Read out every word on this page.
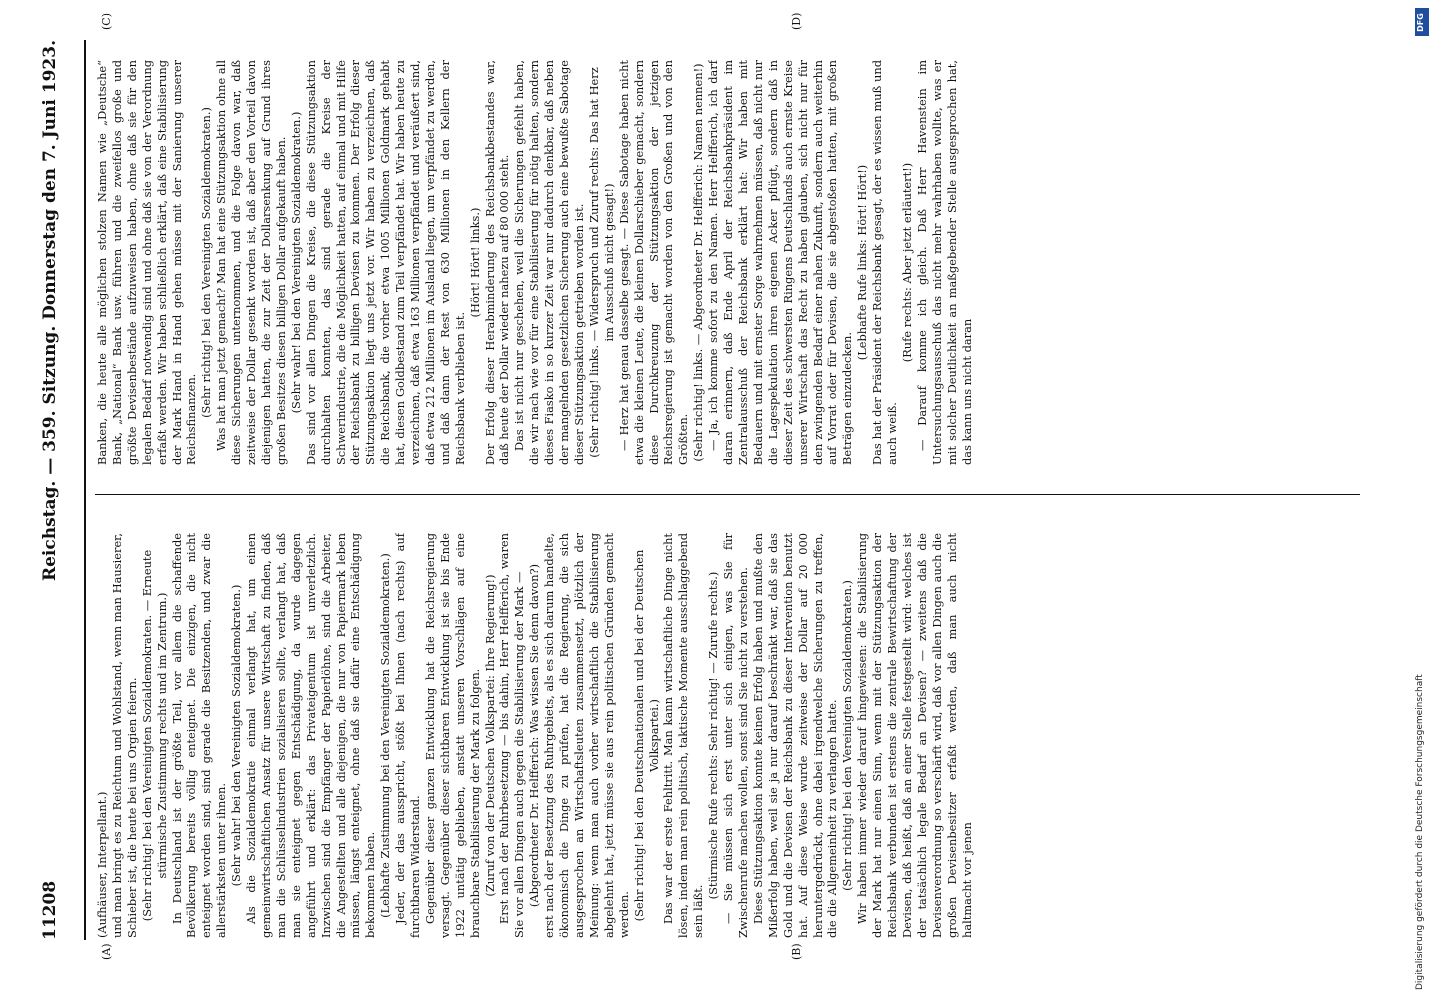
11208
Reichstag. — 359. Sitzung. Donnerstag den 7. Juni 1923.
(A)	(B)
(C)	(D)

(Aufhäuser, Interpellant.) und man bringt es zu Reichtum und Wohlstand, wenn man Hausierer, Schieber ist, die heute bei uns Orgien feiern. (Sehr richtig! bei den Vereinigten Sozialdemokraten. — Erneute stürmische Zustimmung rechts und im Zentrum.) In Deutschland ist der größte Teil, vor allem die schaffende Bevölkerung bereits völlig enteignet. Die einzigen, die nicht enteignet worden sind, sind gerade die Besitzenden, und zwar die allerstärksten unter ihnen. (Sehr wahr! bei den Vereinigten Sozialdemokraten.) Als die Sozialdemokratie einmal verlangt hat, um einen gemeinwirtschaftlichen Ansatz für unsere Wirtschaft zu finden, daß man die Schlüsselindustrien sozialisieren sollte, verlangt hat, daß man sie enteignet gegen Entschädigung, da wurde dagegen angeführt und erklärt: das Privateigentum ist unverletzlich. Inzwischen sind die Empfänger der Papierlöhne, sind die Arbeiter, die Angestellten und alle diejenigen, die nur von Papiermark leben müssen, längst enteignet, ohne daß sie dafür eine Entschädigung bekommen haben. (Lebhafte Zustimmung bei den Vereinigten Sozialdemokraten.) Jeder, der das ausspricht, stößt bei Ihnen (nach rechts) auf furchtbaren Widerstand. Gegenüber dieser ganzen Entwicklung hat die Reichsregierung versagt. Gegenüber dieser sichtbaren Entwicklung ist sie bis Ende 1922 untätig geblieben, anstatt unseren Vorschlägen auf eine brauchbare Stabilisierung der Mark zu folgen. (Zuruf von der Deutschen Volkspartei: Ihre Regierung!) Erst nach der Ruhrbesetzung — bis dahin, Herr Helfferich, waren Sie vor allen Dingen auch gegen die Stabilisierung der Mark — (Abgeordneter Dr. Helfferich: Was wissen Sie denn davon?) erst nach der Besetzung des Ruhrgebiets, als es sich darum handelte, ökonomisch die Dinge zu prüfen, hat die Regierung, die sich ausgesprochen an Wirtschaftsleuten zusammensetzt, plötzlich der Meinung: wenn man auch vorher wirtschaftlich die Stabilisierung abgelehnt hat, jetzt müsse sie aus rein politischen Gründen gemacht werden. (Sehr richtig! bei den Deutschnationalen und bei der Deutschen Volkspartei.) Das war der erste Fehltritt. Man kann wirtschaftliche Dinge nicht lösen, indem man rein politisch, taktische Momente ausschlaggebend sein läßt.

(Stürmische Rufe rechts: Sehr richtig! — Zurufe rechts.) — Sie müssen sich erst unter sich einigen, was Sie für Zwischenrufe machen wollen, sonst sind Sie nicht zu verstehen. Diese Stützungsaktion konnte keinen Erfolg haben und mußte den Mißerfolg haben, weil sie ja nur darauf beschränkt war, daß sie das Gold und die Devisen der Reichsbank zu dieser Intervention benutzt hat. Auf diese Weise wurde zeitweise der Dollar auf 20 000 heruntergedrückt, ohne dabei irgendwelche Sicherungen zu treffen, die die Allgemeinheit zu verlangen hatte. (Sehr richtig! bei den Vereinigten Sozialdemokraten.) Wir haben immer wieder darauf hingewiesen: die Stabilisierung der Mark hat nur einen Sinn, wenn mit der Stützungsaktion der Reichsbank verbunden ist erstens die zentrale Bewirtschaftung der Devisen, daß heißt, daß an einer Stelle festgestellt wird: welches ist der tatsächlich legale Bedarf an Devisen? — zweitens daß die Devisenverordnung so verschärft wird, daß vor allen Dingen auch die großen Devisenbesitzer erfaßt werden, daß man auch nicht haltmacht vor jenen

Banken, die heute alle möglichen stolzen Namen wie „Deutsche“ Bank, „National“ Bank usw. führen und die zweifellos große und größte Devisenbestände aufzuweisen haben, ohne daß sie für den legalen Bedarf notwendig sind und ohne daß sie von der Verordnung erfaßt werden. Wir haben schließlich erklärt, daß eine Stabilisierung der Mark Hand in Hand gehen müsse mit der Sanierung unserer Reichsfinanzen.

(Sehr richtig! bei den Vereinigten Sozialdemokraten.) Was hat man jetzt gemacht? Man hat eine Stützungsaktion ohne all diese Sicherungen unternommen, und die Folge davon war, daß zeitweise der Dollar gesenkt worden ist, daß aber den Vorteil davon diejenigen hatten, die zur Zeit der Dollarsenkung auf Grund ihres großen Besitzes diesen billigen Dollar aufgekauft haben. (Sehr wahr! bei den Vereinigten Sozialdemokraten.) Das sind vor allen Dingen die Kreise, die diese Stützungsaktion durchhalten konnten, das sind gerade die Kreise der Schwerindustrie, die die Möglichkeit hatten, auf einmal und mit Hilfe der Reichsbank zu billigen Devisen zu kommen. Der Erfolg dieser Stützungsaktion liegt uns jetzt vor. Wir haben zu verzeichnen, daß die Reichsbank, die vorher etwa 1005 Millionen Goldmark gehabt hat, diesen Goldbestand zum Teil verpfändet hat. Wir haben heute zu verzeichnen, daß etwa 163 Millionen verpfändet und veräußert sind, daß etwa 212 Millionen im Ausland liegen, um verpfändet zu werden, und daß dann der Rest von 630 Millionen in den Kellern der Reichsbank verblieben ist.

(Hört! Hört! links.) Der Erfolg dieser Herabminderung des Reichsbankbestandes war, daß heute der Dollar wieder nahezu auf 80 000 steht. Das ist nicht nur geschehen, weil die Sicherungen gefehlt haben, die wir nach wie vor für eine Stabilisierung für nötig halten, sondern dieses Fiasko in so kurzer Zeit war nur dadurch denkbar, daß neben der mangelnden gesetzlichen Sicherung auch eine bewußte Sabotage dieser Stützungsaktion getrieben worden ist. (Sehr richtig! links. — Widerspruch und Zuruf rechts: Das hat Herz im Ausschuß nicht gesagt!) — Herz hat genau dasselbe gesagt. — Diese Sabotage haben nicht etwa die kleinen Leute, die kleinen Dollarschieber gemacht, sondern diese Durchkreuzung der Stützungsaktion der jetzigen Reichsregierung ist gemacht worden von den Großen und von den Größten. (Sehr richtig! links. — Abgeordneter Dr. Helfferich: Namen nennen!) — Ja, ich komme sofort zu den Namen. Herr Helfferich, ich darf daran erinnern, daß Ende April der Reichsbankpräsident im Zentralausschuß der Reichsbank erklärt hat: Wir haben mit Bedauern und mit ernster Sorge wahrnehmen müssen, daß nicht nur die Lagespekulation ihren eigenen Acker pflügt, sondern daß in dieser Zeit des schwersten Ringens Deutschlands auch ernste Kreise unserer Wirtschaft das Recht zu haben glauben, sich nicht nur für den zwingenden Bedarf einer nahen Zukunft, sondern auch weiterhin auf Vorrat oder für Devisen, die sie abgestoßen hatten, mit großen Beträgen einzudecken.

(Lebhafte Rufe links: Hört! Hört!) Das hat der Präsident der Reichsbank gesagt, der es wissen muß und auch weiß.

(Rufe rechts: Aber jetzt erläutert!) — Darauf komme ich gleich. Daß Herr Havenstein im Untersuchungsausschuß das nicht mehr wahrhaben wollte, was er mit solcher Deutlichkeit an maßgebender Stelle ausgesprochen hat, das kann uns nicht daran

DFG
Digitalisierung gefördert durch die Deutsche Forschungsgemeinschaft
